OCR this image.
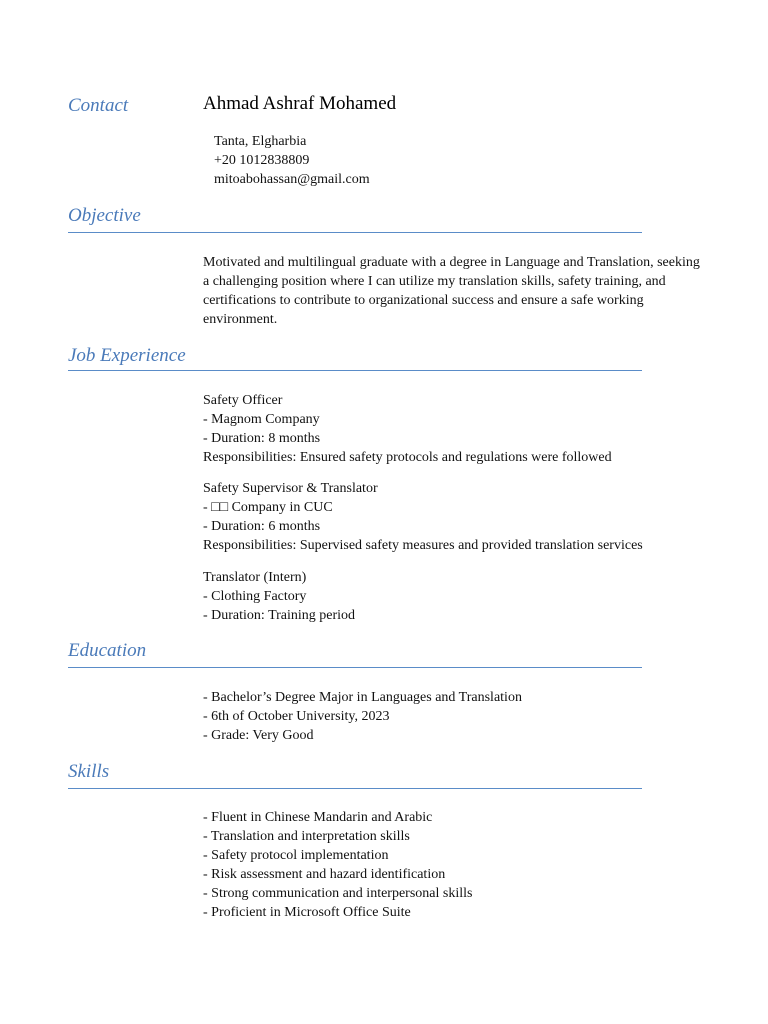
Contact	Ahmad Ashraf Mohamed
Tanta, Elgharbia
+20 1012838809
mitoabohassan@gmail.com
Objective
Motivated and multilingual graduate with a degree in Language and Translation, seeking
a challenging position where I can utilize my translation skills, safety training, and
certifications to contribute to organizational success and ensure a safe working
environment.
Job Experience
Safety Officer
- Magnom Company
- Duration: 8 months
Responsibilities: Ensured safety protocols and regulations were followed
Safety Supervisor & Translator
- □□ Company in CUC
- Duration: 6 months
Responsibilities: Supervised safety measures and provided translation services
Translator (Intern)
- Clothing Factory
- Duration: Training period
Education
- Bachelor’s Degree Major in Languages and Translation
- 6th of October University, 2023
- Grade: Very Good
Skills
- Fluent in Chinese Mandarin and Arabic
- Translation and interpretation skills
- Safety protocol implementation
- Risk assessment and hazard identification
- Strong communication and interpersonal skills
- Proficient in Microsoft Office Suite
